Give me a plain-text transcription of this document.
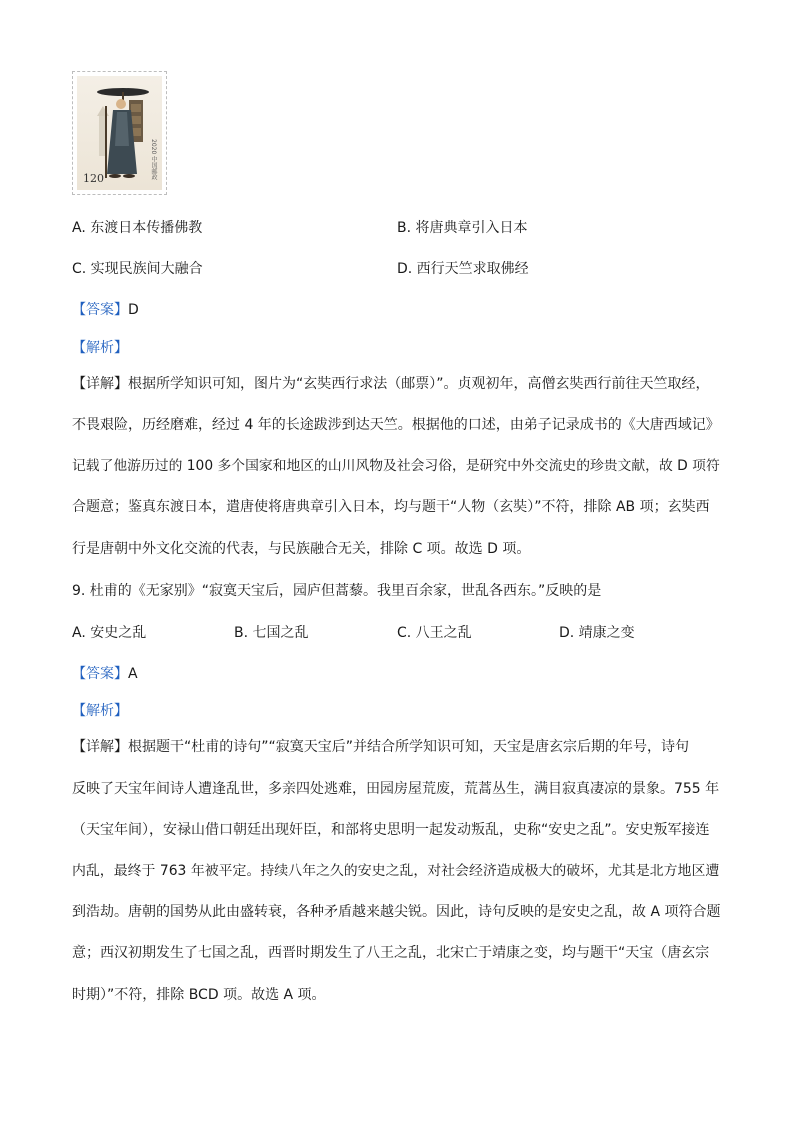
120	2020 中国邮政
A. 东渡日本传播佛教	B. 将唐典章引入日本
C. 实现民族间大融合	D. 西行天竺求取佛经
【答案】D
【解析】
【详解】根据所学知识可知，图片为“玄奘西行求法（邮票）”。贞观初年，高僧玄奘西行前往天竺取经，
不畏艰险，历经磨难，经过 4 年的长途跋涉到达天竺。根据他的口述，由弟子记录成书的《大唐西域记》
记载了他游历过的 100 多个国家和地区的山川风物及社会习俗，是研究中外交流史的珍贵文献，故 D 项符
合题意；鉴真东渡日本，遣唐使将唐典章引入日本，均与题干“人物（玄奘）”不符，排除 AB 项；玄奘西
行是唐朝中外文化交流的代表，与民族融合无关，排除 C 项。故选 D 项。
9. 杜甫的《无家别》“寂寞天宝后，园庐但蒿藜。我里百余家，世乱各西东。”反映的是
A. 安史之乱	B. 七国之乱	C. 八王之乱	D. 靖康之变
【答案】A
【解析】
【详解】根据题干“杜甫的诗句”“寂寞天宝后”并结合所学知识可知，天宝是唐玄宗后期的年号，诗句
反映了天宝年间诗人遭逢乱世，多亲四处逃难，田园房屋荒废，荒蒿丛生，满目寂真凄凉的景象。755 年
（天宝年间），安禄山借口朝廷出现奸臣，和部将史思明一起发动叛乱，史称“安史之乱”。安史叛军接连
内乱，最终于 763 年被平定。持续八年之久的安史之乱，对社会经济造成极大的破坏，尤其是北方地区遭
到浩劫。唐朝的国势从此由盛转衰，各种矛盾越来越尖锐。因此，诗句反映的是安史之乱，故 A 项符合题
意；西汉初期发生了七国之乱，西晋时期发生了八王之乱，北宋亡于靖康之变，均与题干“天宝（唐玄宗
时期）”不符，排除 BCD 项。故选 A 项。
